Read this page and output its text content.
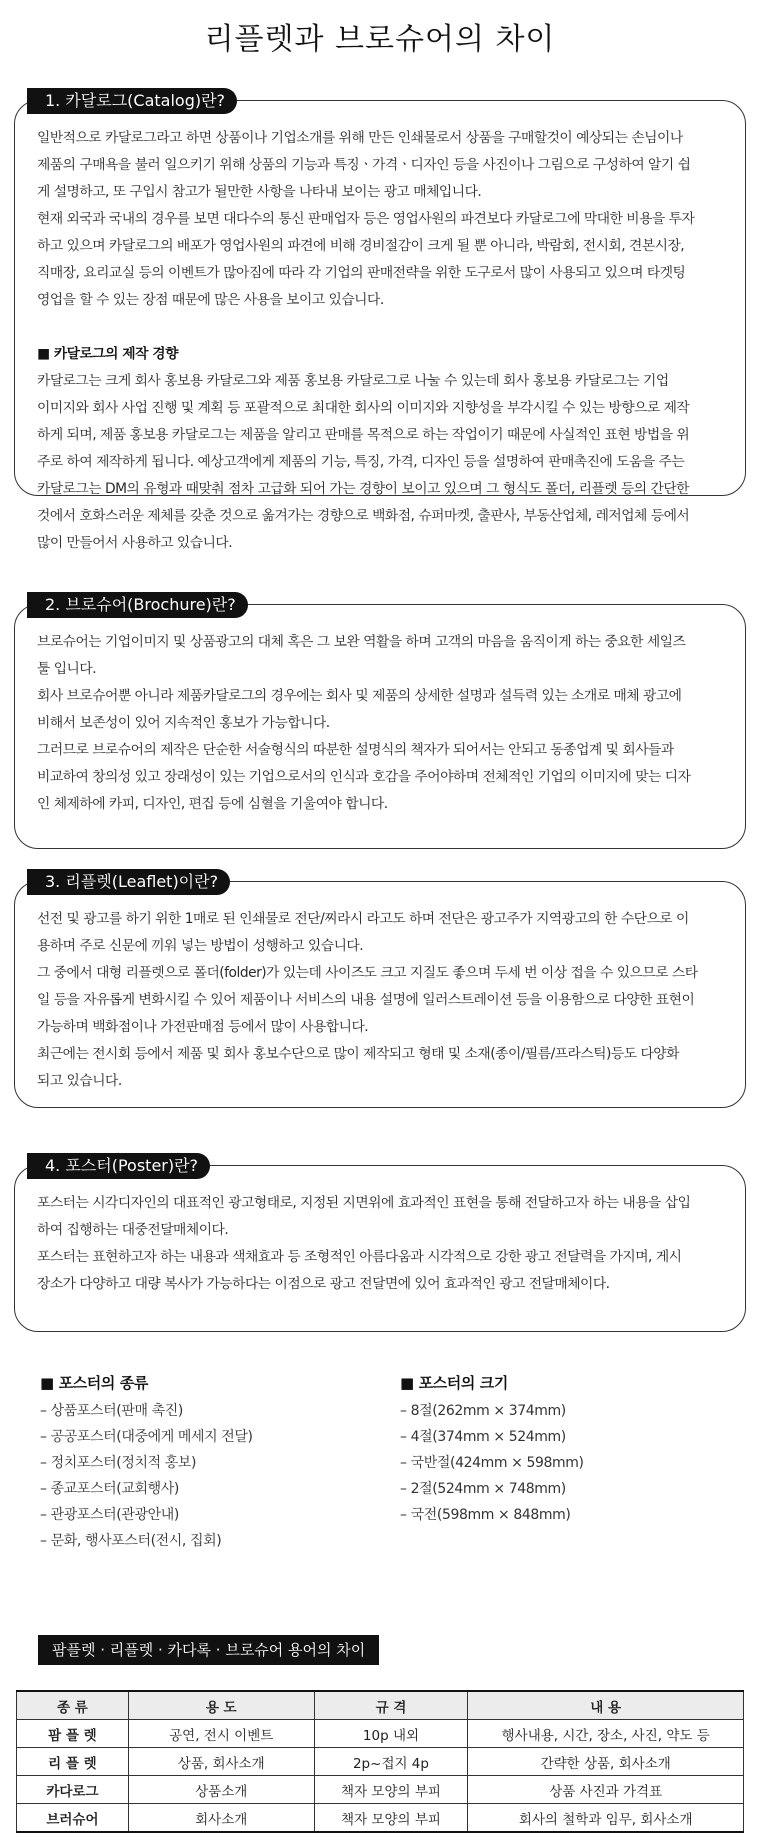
리플렛과 브로슈어의 차이
1. 카달로그(Catalog)란?

일반적으로 카달로그라고 하면 상품이나 기업소개를 위해 만든 인쇄물로서 상품을 구매할것이 예상되는 손님이나

제품의 구매욕을 불러 일으키기 위해 상품의 기능과 특징ㆍ가격ㆍ디자인 등을 사진이나 그림으로 구성하여 알기 쉽

게 설명하고, 또 구입시 참고가 될만한 사항을 나타내 보이는 광고 매체입니다.

현재 외국과 국내의 경우를 보면 대다수의 통신 판매업자 등은 영업사원의 파견보다 카달로그에 막대한 비용을 투자

하고 있으며 카달로그의 배포가 영업사원의 파견에 비해 경비절감이 크게 될 뿐 아니라, 박람회, 전시회, 견본시장,

직매장, 요리교실 등의 이벤트가 많아짐에 따라 각 기업의 판매전략을 위한 도구로서 많이 사용되고 있으며 타겟팅

영업을 할 수 있는 장점 때문에 많은 사용을 보이고 있습니다.

■ 카달로그의 제작 경향

카달로그는 크게 회사 홍보용 카달로그와 제품 홍보용 카달로그로 나눌 수 있는데 회사 홍보용 카달로그는 기업

이미지와 회사 사업 진행 및 계획 등 포괄적으로 최대한 회사의 이미지와 지향성을 부각시킬 수 있는 방향으로 제작

하게 되며, 제품 홍보용 카달로그는 제품을 알리고 판매를 목적으로 하는 작업이기 때문에 사실적인 표현 방법을 위

주로 하여 제작하게 됩니다. 예상고객에게 제품의 기능, 특징, 가격, 디자인 등을 설명하여 판매촉진에 도움을 주는

카달로그는 DM의 유형과 때맞춰 점차 고급화 되어 가는 경향이 보이고 있으며 그 형식도 폴더, 리플렛 등의 간단한

것에서 호화스러운 제체를 갖춘 것으로 옮겨가는 경향으로 백화점, 슈퍼마켓, 출판사, 부동산업체, 레저업체 등에서

많이 만들어서 사용하고 있습니다.

2. 브로슈어(Brochure)란?

브로슈어는 기업이미지 및 상품광고의 대체 혹은 그 보완 역활을 하며 고객의 마음을 움직이게 하는 중요한 세일즈

툴 입니다.

회사 브로슈어뿐 아니라 제품카달로그의 경우에는 회사 및 제품의 상세한 설명과 설득력 있는 소개로 매체 광고에

비해서 보존성이 있어 지속적인 홍보가 가능합니다.

그러므로 브로슈어의 제작은 단순한 서술형식의 따분한 설명식의 책자가 되어서는 안되고 동종업계 및 회사들과

비교하여 창의성 있고 장래성이 있는 기업으로서의 인식과 호감을 주어야하며 전체적인 기업의 이미지에 맞는 디자

인 체제하에 카피, 디자인, 편집 등에 심혈을 기울여야 합니다.

3. 리플렛(Leaflet)이란?

선전 및 광고를 하기 위한 1매로 된 인쇄물로 전단/찌라시 라고도 하며 전단은 광고주가 지역광고의 한 수단으로 이

용하며 주로 신문에 끼워 넣는 방법이 성행하고 있습니다.

그 중에서 대형 리플렛으로 폴더(folder)가 있는데 사이즈도 크고 지질도 좋으며 두세 번 이상 접을 수 있으므로 스타

일 등을 자유롭게 변화시킬 수 있어 제품이나 서비스의 내용 설명에 일러스트레이션 등을 이용함으로 다양한 표현이

가능하며 백화점이나 가전판매점 등에서 많이 사용합니다.

최근에는 전시회 등에서 제품 및 회사 홍보수단으로 많이 제작되고 형태 및 소재(종이/필름/프라스틱)등도 다양화

되고 있습니다.

4. 포스터(Poster)란?

포스터는 시각디자인의 대표적인 광고형태로, 지정된 지면위에 효과적인 표현을 통해 전달하고자 하는 내용을 삽입

하여 집행하는 대중전달매체이다.

포스터는 표현하고자 하는 내용과 색채효과 등 조형적인 아름다움과 시각적으로 강한 광고 전달력을 가지며, 게시

장소가 다양하고 대량 복사가 가능하다는 이점으로 광고 전달면에 있어 효과적인 광고 전달매체이다.

■ 포스터의 종류
– 상품포스터(판매 촉진)
– 공공포스터(대중에게 메세지 전달)
– 정치포스터(정치적 홍보)
– 종교포스터(교회행사)
– 관광포스터(관광안내)
– 문화, 행사포스터(전시, 집회)
■ 포스터의 크기
– 8절(262mm × 374mm)
– 4절(374mm × 524mm)
– 국반절(424mm × 598mm)
– 2절(524mm × 748mm)
– 국전(598mm × 848mm)
팜플렛 · 리플렛 · 카다록 · 브로슈어 용어의 차이
종 류	용 도	규 격	내 용
팜 플 렛	공연, 전시 이벤트	10p 내외	행사내용, 시간, 장소, 사진, 약도 등
리 플 렛	상품, 회사소개	2p~접지 4p	간략한 상품, 회사소개
카다로그	상품소개	책자 모양의 부피	상품 사진과 가격표
브러슈어	회사소개	책자 모양의 부피	회사의 철학과 임무, 회사소개
